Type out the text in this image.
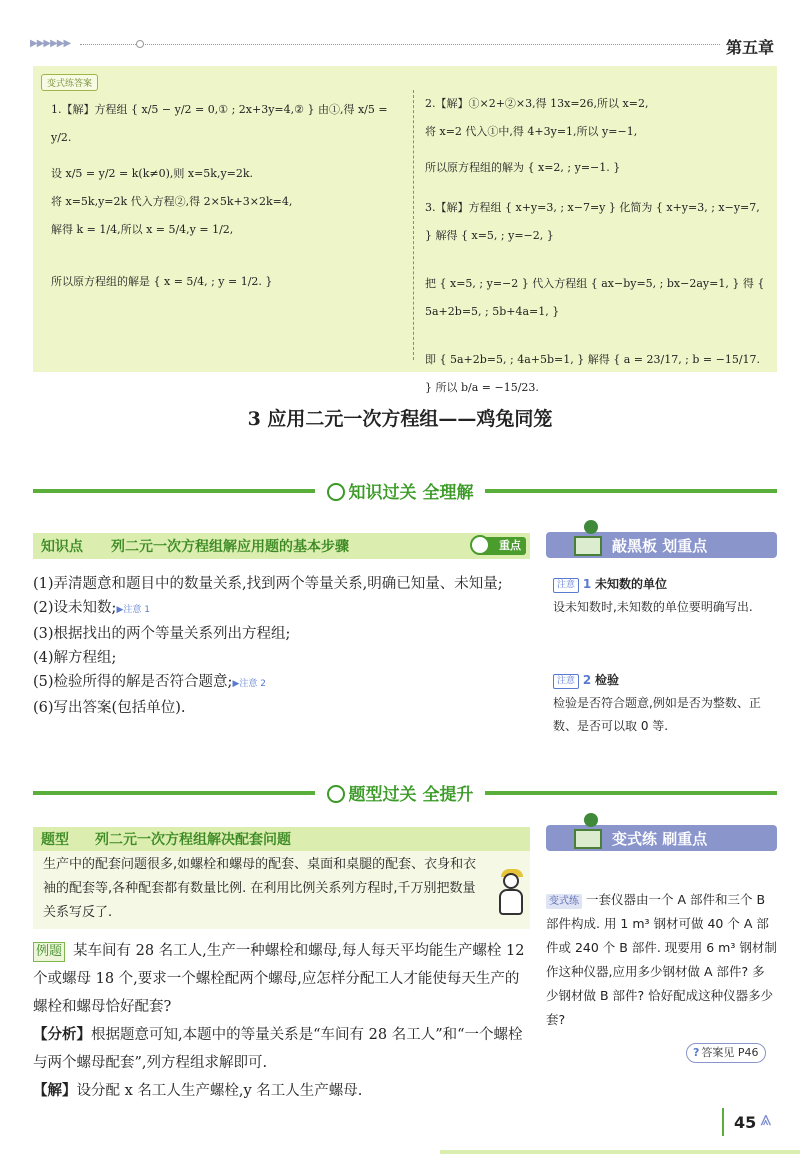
▶▶▶▶▶▶	第五章
变式练答案
1.【解】方程组 { x/5 − y/2 = 0,① ; 2x+3y=4,② } 由①,得 x/5 = y/2.
设 x/5 = y/2 = k(k≠0),则 x=5k,y=2k.
将 x=5k,y=2k 代入方程②,得 2×5k+3×2k=4,
解得 k = 1/4,所以 x = 5/4,y = 1/2,
所以原方程组的解是 { x = 5/4, ; y = 1/2. }
2.【解】①×2+②×3,得 13x=26,所以 x=2,
将 x=2 代入①中,得 4+3y=1,所以 y=−1,
所以原方程组的解为 { x=2, ; y=−1. }
3.【解】方程组 { x+y=3, ; x−7=y } 化简为 { x+y=3, ; x−y=7, } 解得 { x=5, ; y=−2, }
把 { x=5, ; y=−2 } 代入方程组 { ax−by=5, ; bx−2ay=1, } 得 { 5a+2b=5, ; 5b+4a=1, }
即 { 5a+2b=5, ; 4a+5b=1, } 解得 { a = 23/17, ; b = −15/17. } 所以 b/a = −15/23.
3 应用二元一次方程组——鸡兔同笼
知识过关 全理解
知识点 列二元一次方程组解应用题的基本步骤	重点
(1)弄清题意和题目中的数量关系,找到两个等量关系,明确已知量、未知量;
(2)设未知数;▶注意 1
(3)根据找出的两个等量关系列出方程组;
(4)解方程组;
(5)检验所得的解是否符合题意;▶注意 2
(6)写出答案(包括单位).
敲黑板 划重点
注意 1 未知数的单位
设未知数时,未知数的单位要明确写出.
注意 2 检验
检验是否符合题意,例如是否为整数、正数、是否可以取 0 等.
题型过关 全提升
题型 列二元一次方程组解决配套问题
生产中的配套问题很多,如螺栓和螺母的配套、桌面和桌腿的配套、衣身和衣袖的配套等,各种配套都有数量比例. 在利用比例关系列方程时,千万别把数量关系写反了.
例题 某车间有 28 名工人,生产一种螺栓和螺母,每人每天平均能生产螺栓 12 个或螺母 18 个,要求一个螺栓配两个螺母,应怎样分配工人才能使每天生产的螺栓和螺母恰好配套?
【分析】根据题意可知,本题中的等量关系是“车间有 28 名工人”和“一个螺栓与两个螺母配套”,列方程组求解即可.
【解】设分配 x 名工人生产螺栓,y 名工人生产螺母.
变式练 刷重点
变式练 一套仪器由一个 A 部件和三个 B 部件构成. 用 1 m³ 钢材可做 40 个 A 部件或 240 个 B 部件. 现要用 6 m³ 钢材制作这种仪器,应用多少钢材做 A 部件? 多少钢材做 B 部件? 恰好配成这种仪器多少套?
? 答案见 P46
45 ⩓
